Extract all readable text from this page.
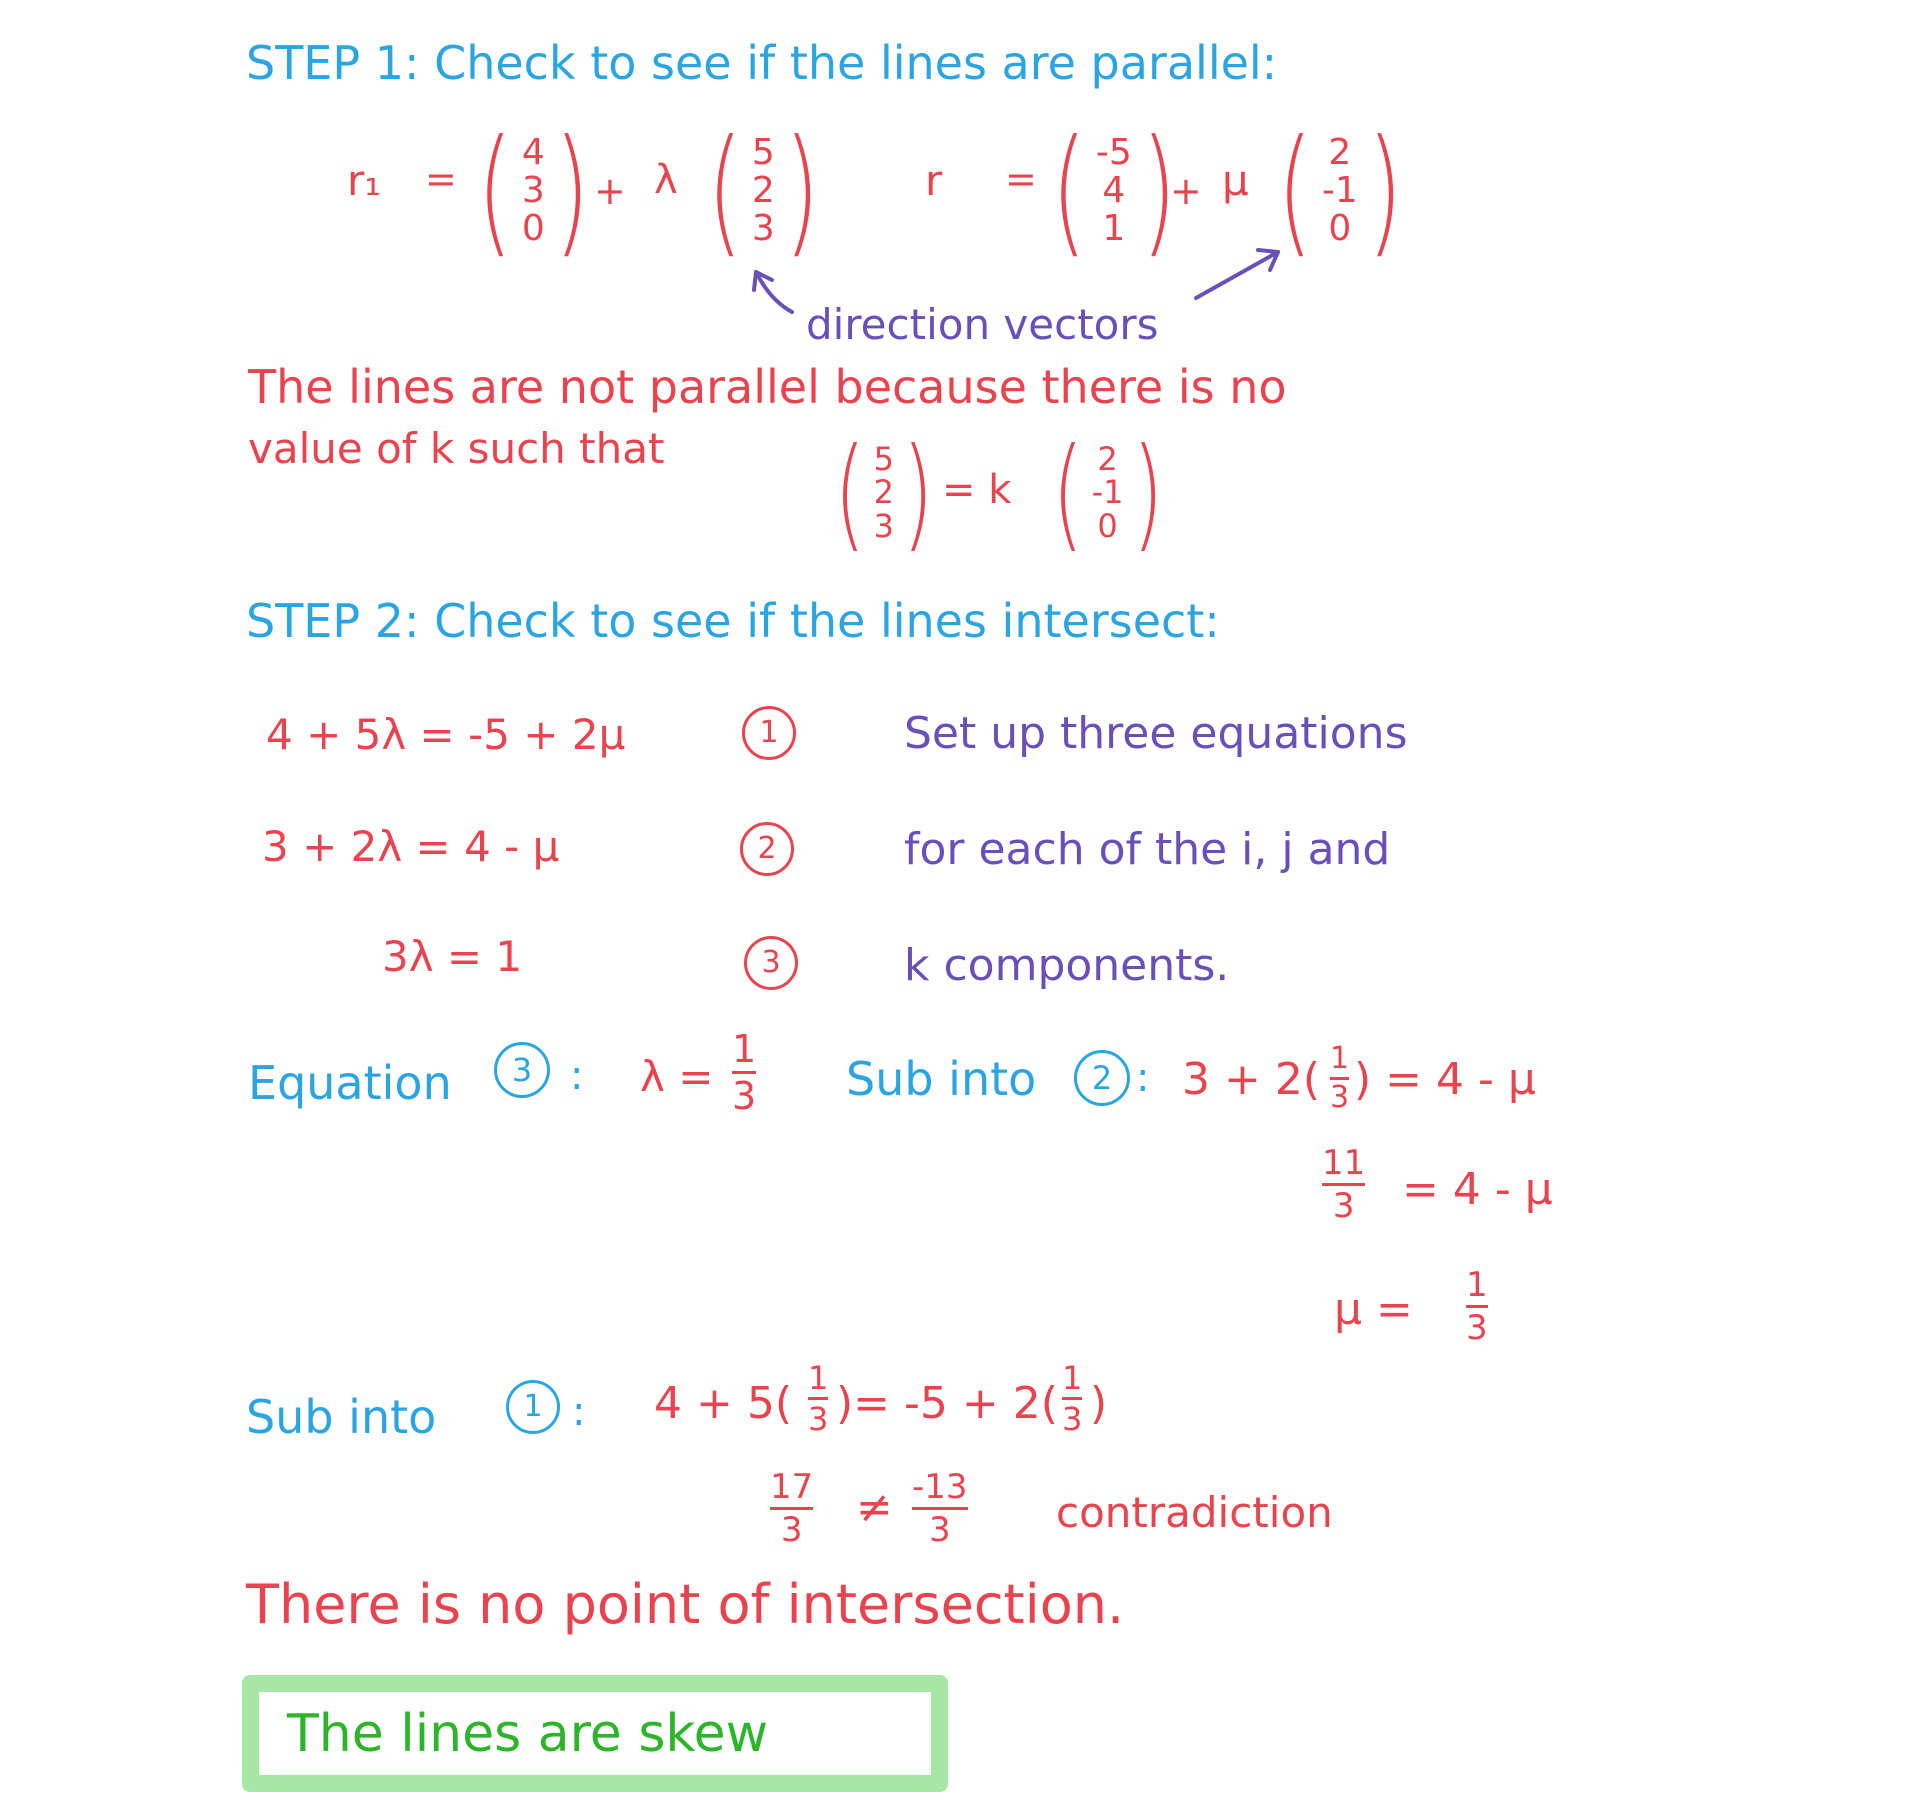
STEP 1: Check to see if the lines are parallel:
r₁ = ( 4
3
0 ) + λ ( 5
2
3 )	r = ( -5
4
1 )
+ μ ( 2
-1
0 )
direction vectors
The lines are not parallel because there is no
value of k such that ( 5
2
3 ) = k ( 2
-1
0 )
STEP 2: Check to see if the lines intersect:
4 + 5λ = -5 + 2μ	1
3 + 2λ = 4 - μ	2
3λ = 1	3
Set up three equations
for each of the i, j and
k components.
Equation	3 : λ =
1
3 Sub into	2 : 3 + 2( 1
3 ) = 4 - μ
11
3 = 4 - μ
μ = 1
3
Sub into	1 : 4 + 5( 1
3 )= -5 + 2( 1
3 )
17
3 ≠ -13
3	contradiction
There is no point of intersection.
The lines are skew
